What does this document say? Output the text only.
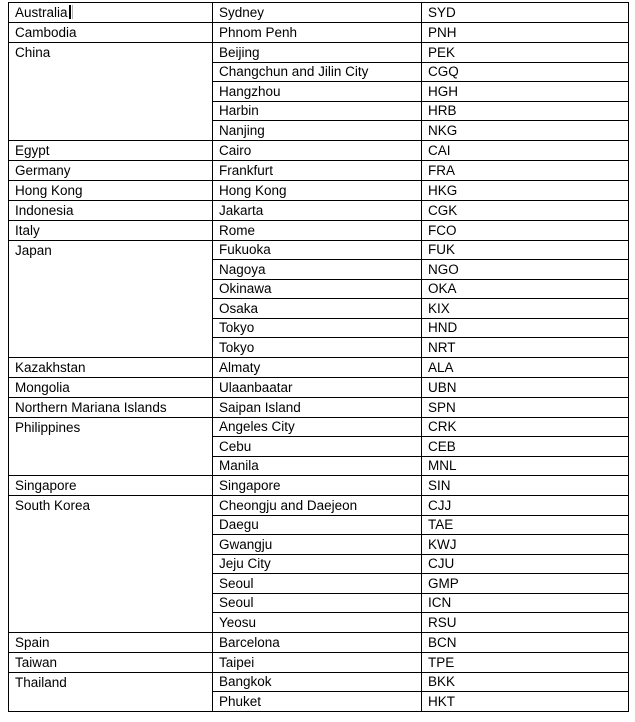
Australia	Sydney	SYD
Cambodia	Phnom Penh	PNH
China	Beijing	PEK
	Changchun and Jilin City	CGQ
	Hangzhou	HGH
	Harbin	HRB
	Nanjing	NKG
Egypt	Cairo	CAI
Germany	Frankfurt	FRA
Hong Kong	Hong Kong	HKG
Indonesia	Jakarta	CGK
Italy	Rome	FCO
Japan	Fukuoka	FUK
	Nagoya	NGO
	Okinawa	OKA
	Osaka	KIX
	Tokyo	HND
	Tokyo	NRT
Kazakhstan	Almaty	ALA
Mongolia	Ulaanbaatar	UBN
Northern Mariana Islands	Saipan Island	SPN
Philippines	Angeles City	CRK
	Cebu	CEB
	Manila	MNL
Singapore	Singapore	SIN
South Korea	Cheongju and Daejeon	CJJ
	Daegu	TAE
	Gwangju	KWJ
	Jeju City	CJU
	Seoul	GMP
	Seoul	ICN
	Yeosu	RSU
Spain	Barcelona	BCN
Taiwan	Taipei	TPE
Thailand	Bangkok	BKK
	Phuket	HKT
